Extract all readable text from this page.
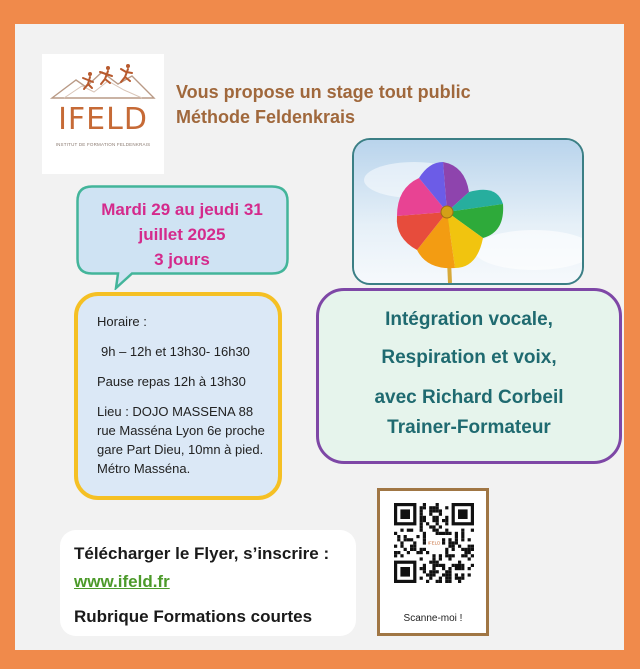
IFELD
INSTITUT DE FORMATION FELDENKRAIS
Vous propose un stage tout public
Méthode Feldenkrais
Mardi 29 au jeudi 31
juillet 2025
3 jours

Horaire :

9h – 12h et 13h30- 16h30

Pause repas 12h à 13h30

Lieu : DOJO MASSENA 88 rue Masséna Lyon 6e proche gare Part Dieu, 10mn à pied. Métro Masséna.

Intégration vocale,
Respiration et voix,
avec Richard Corbeil
Trainer-Formateur
Télécharger le Flyer, s’inscrire :
www.ifeld.fr
Rubrique Formations courtes
IFELD
Scanne-moi !
